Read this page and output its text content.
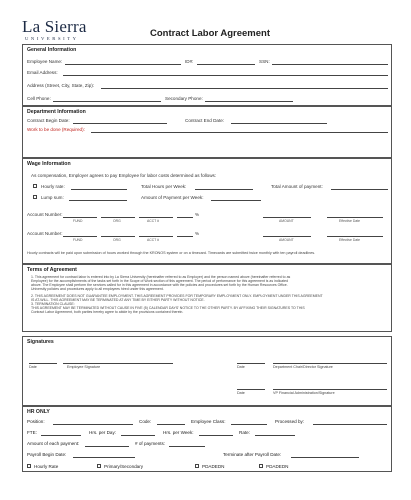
La Sierra
UNIVERSITY	Contract Labor Agreement
General Information
Employee Name:	ID#:	SSN:
Email Address:
Address (Street, City, State, Zip):
Cell Phone:	Secondary Phone:
Department Information
Contract Begin Date:	Contract End Date:
Work to be done (Required):
Wage Information
As compensation, Employer agrees to pay Employee for labor costs determined as follows:
Hourly rate:	Total Hours per Week:	Total Amount of payment:
Lump sum:	Amount of Payment per Week:
Account Number:	%
FUND	ORG	ACCT #	AMOUNT	Effective Date
Account Number:	%
FUND	ORG	ACCT #	AMOUNT	Effective Date
Hourly contracts will be paid upon submission of hours worked through the KRONOS system or on a timecard. Timecards are submitted twice monthly with ten payroll deadlines.
Terms of Agreement
1. This agreement for contract labor is entered into by La Sierra University (hereinafter referred to as Employer) and the person named above (hereinafter referred to as
Employee) for the accomplishments of the tasks set forth in the Scope of Work section of this agreement. The period of performance for this agreement is as indicated
above. The Employee shall perform the services called for in this agreement in accordance with the policies and procedures set forth by the Human Resources Office.
University policies and procedures apply to all employees hired under this agreement.
2. THIS AGREEMENT DOES NOT GUARANTEE EMPLOYMENT. THIS AGREEMENT PROVIDES FOR TEMPORARY EMPLOYMENT ONLY. EMPLOYMENT UNDER THIS AGREEMENT
IS AT-WILL. THIS AGREEMENT MAY BE TERMINATED AT ANY TIME BY EITHER PARTY WITHOUT NOTICE.
3. TERMINATION CLAUSE:
THIS AGREEMENT MAY BE TERMINATED WITHOUT CAUSE IN FIVE (5) CALENDAR DAYS' NOTICE TO THE OTHER PARTY. BY AFFIXING THEIR SIGNATURES TO THIS
Contract Labor Agreement, both parties hereby agree to abide by the provisions contained therein.
Signatures
Date	Employee Signature	Date	Department Chair/Director Signature
Date	VP Financial Administration/Signature
HR ONLY
Position:	Code:	Employee Class:	Processed by:
FTE:	Hrs. per Day:	Hrs. per Week:	Rate:
Amount of each payment:	# of payments:
Payroll Begin Date:	Terminate after Payroll Date:
Hourly Rate	Primary/Secondary	PDADEDN	PDADEDN
